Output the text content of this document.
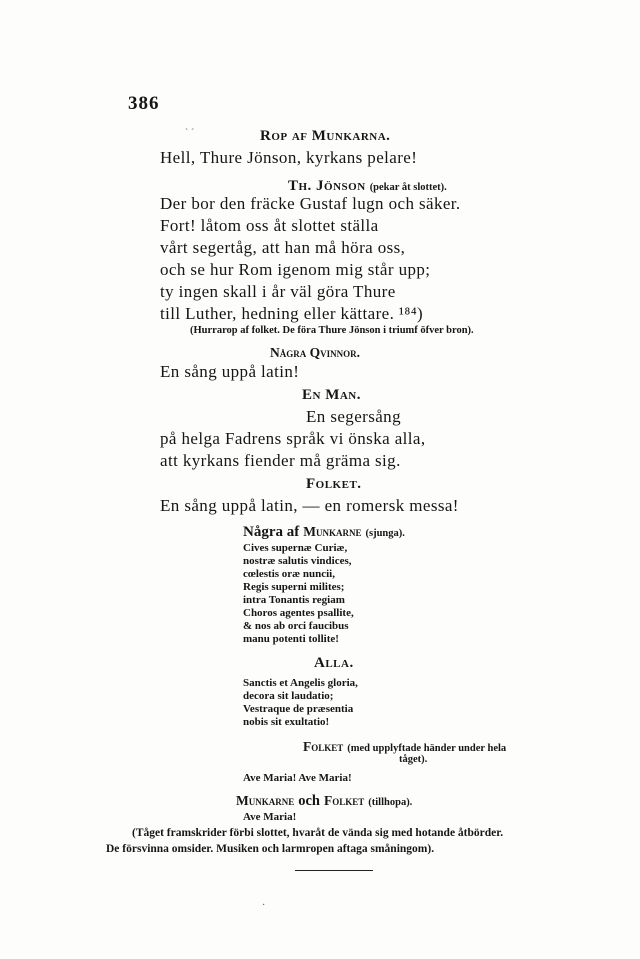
ˋ ˊ
386
Rop af Munkarna.
Hell, Thure Jönson, kyrkans pelare!
Th. Jönson (pekar åt slottet).
Der bor den fräcke Gustaf lugn och säker.
Fort! låtom oss åt slottet ställa
vårt segertåg, att han må höra oss,
och se hur Rom igenom mig står upp;
ty ingen skall i år väl göra Thure
till Luther, hedning eller kättare. ¹⁸⁴)
(Hurrarop af folket. De föra Thure Jönson i triumf öfver bron).
Några Qvinnor.
En sång uppå latin!
En Man.
En segersång
på helga Fadrens språk vi önska alla,
att kyrkans fiender må gräma sig.
Folket.
En sång uppå latin, — en romersk messa!
Några af Munkarne (sjunga).
Cives supernæ Curiæ,
nostræ salutis vindices,
cœlestis oræ nuncii,
Regis superni milites;
intra Tonantis regiam
Choros agentes psallite,
& nos ab orci faucibus
manu potenti tollite!
Alla.
Sanctis et Angelis gloria,
decora sit laudatio;
Vestraque de præsentia
nobis sit exultatio!
Folket (med upplyftade händer under hela
tåget).
Ave Maria! Ave Maria!
Munkarne och Folket (tillhopa).
Ave Maria!
(Tåget framskrider förbi slottet, hvaråt de vända sig med hotande åtbörder.
De försvinna omsider. Musiken och larmropen aftaga småningom).
·
